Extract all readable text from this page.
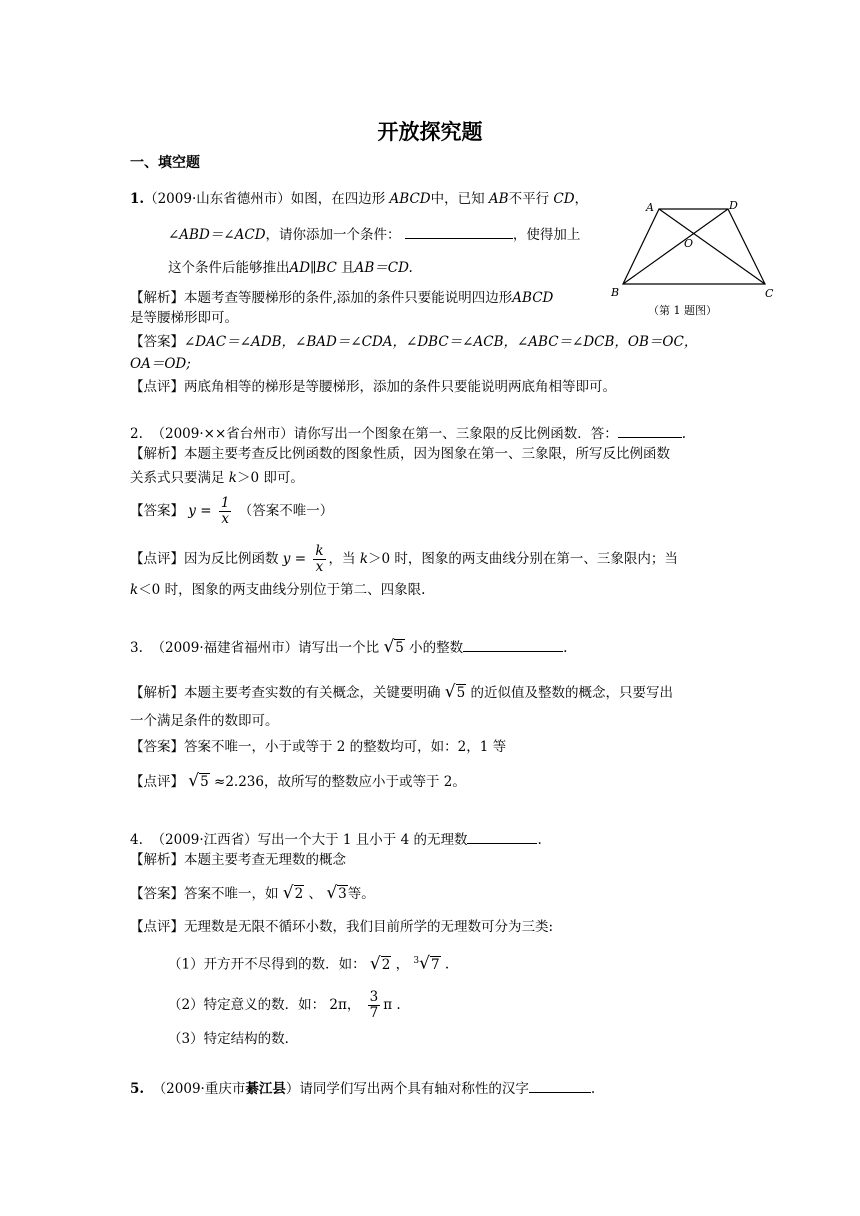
开放探究题
一、填空题
1.（2009·山东省德州市）如图，在四边形 ABCD中，已知 AB不平行 CD，
∠ABD＝∠ACD，请你添加一个条件：	，使得加上
这个条件后能够推出AD∥BC 且AB＝CD.
【解析】本题考查等腰梯形的条件,添加的条件只要能说明四边形ABCD
是等腰梯形即可。
【答案】∠DAC＝∠ADB，∠BAD＝∠CDA，∠DBC＝∠ACB，∠ABC＝∠DCB，OB＝OC，
OA＝OD;
【点评】两底角相等的梯形是等腰梯形，添加的条件只要能说明两底角相等即可。
A	D
O
B	C
（第 1 题图）
2. （2009·××省台州市）请你写出一个图象在第一、三象限的反比例函数．答：	.
【解析】本题主要考查反比例函数的图象性质，因为图象在第一、三象限，所写反比例函数
关系式只要满足 k＞0 即可。
【答案】 $y = \frac{1}{x}$ （答案不唯一）
【点评】因为反比例函数 $y = \frac{k}{x}$ ，当 k＞0 时，图象的两支曲线分别在第一、三象限内；当
k＜0 时，图象的两支曲线分别位于第二、四象限.
3. （2009·福建省福州市）请写出一个比 √5 小的整数	.
【解析】本题主要考查实数的有关概念，关键要明确 √5 的近似值及整数的概念，只要写出
一个满足条件的数即可。
【答案】答案不唯一，小于或等于 2 的整数均可，如：2，1 等
【点评】 √5 ≈2.236，故所写的整数应小于或等于 2。
4. （2009·江西省）写出一个大于 1 且小于 4 的无理数	.
【解析】本题主要考查无理数的概念
【答案】答案不唯一，如 √2 、 √3等。
【点评】无理数是无限不循环小数，我们目前所学的无理数可分为三类:
（1）开方开不尽得到的数．如： √2 ， $^3$√7 .
（2）特定意义的数．如： 2π， $\frac{3}{7}$ π .
（3）特定结构的数．
5. （2009·重庆市綦江县）请同学们写出两个具有轴对称性的汉字	.
